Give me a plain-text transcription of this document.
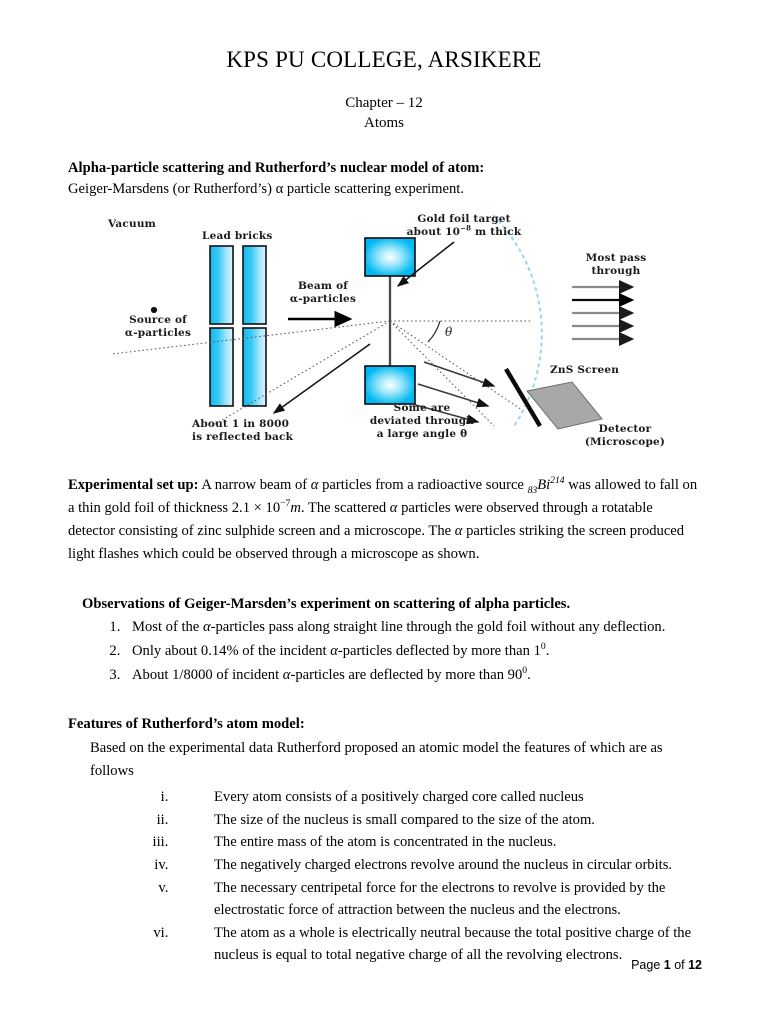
KPS PU COLLEGE, ARSIKERE
Chapter – 12
Atoms
Alpha-particle scattering and Rutherford’s nuclear model of atom:
Geiger-Marsdens (or Rutherford’s) α particle scattering experiment.
Vacuum
Lead bricks
Source of
α-particles
Beam of
α-particles
Gold foil target
about $10^{-8}$ m thick
About 1 in 8000
is reflected back
Some are
deviated through
a large angle θ
Most pass
through
ZnS Screen
Detector
(Microscope)
θ
Experimental set up: A narrow beam of α particles from a radioactive source $_{83}Bi^{214}$ was allowed to fall on a thin gold foil of thickness $2.1 \times 10^{-7}m$. The scattered α particles were observed through a rotatable detector consisting of zinc sulphide screen and a microscope. The α particles striking the screen produced light flashes which could be observed through a microscope as shown.
Observations of Geiger-Marsden’s experiment on scattering of alpha particles.
1. Most of the α-particles pass along straight line through the gold foil without any deflection.
2. Only about 0.14% of the incident α-particles deflected by more than $1^0$.
3. About 1/8000 of incident α-particles are deflected by more than $90^0$.
Features of Rutherford’s atom model:
Based on the experimental data Rutherford proposed an atomic model the features of which are as follows
i. Every atom consists of a positively charged core called nucleus
ii. The size of the nucleus is small compared to the size of the atom.
iii. The entire mass of the atom is concentrated in the nucleus.
iv. The negatively charged electrons revolve around the nucleus in circular orbits.
v. The necessary centripetal force for the electrons to revolve is provided by the electrostatic force of attraction between the nucleus and the electrons.
vi. The atom as a whole is electrically neutral because the total positive charge of the nucleus is equal to total negative charge of all the revolving electrons.
Page 1 of 12
